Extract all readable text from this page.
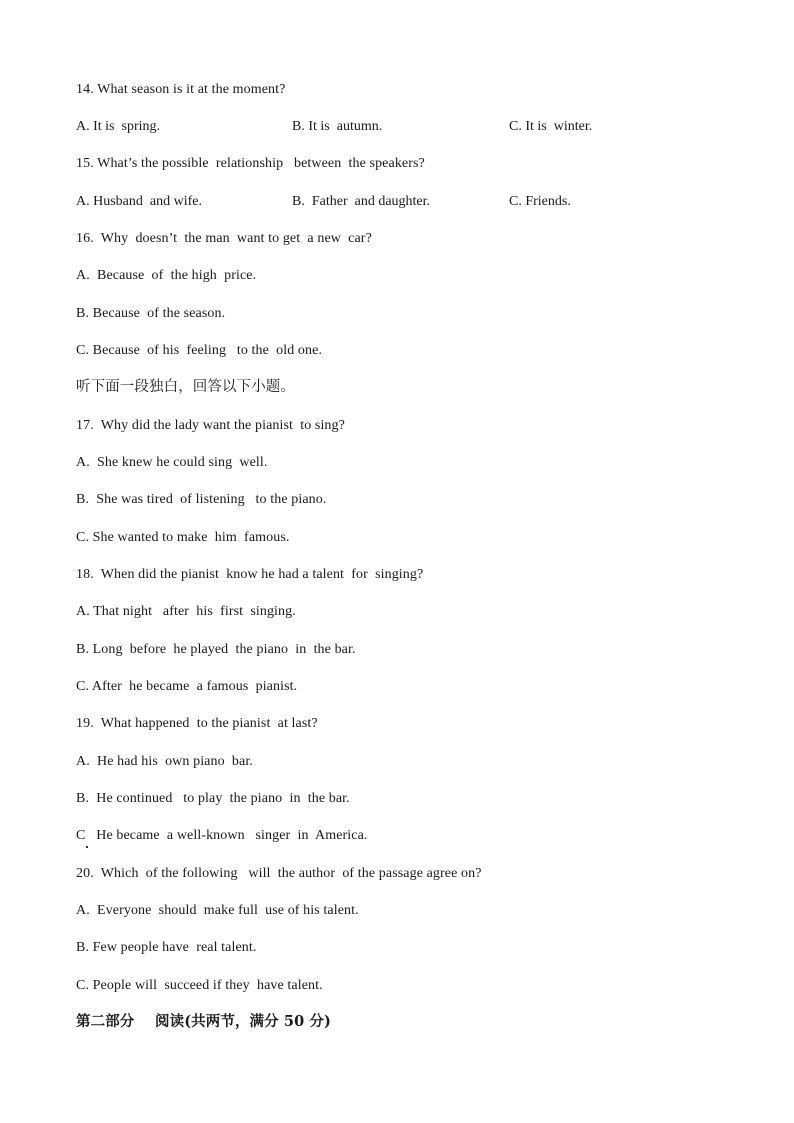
14. What season is it at the moment?
A. It is  spring.	B. It is  autumn.	C. It is  winter.
15. What’s the possible  relationship   between  the speakers?
A. Husband  and wife.	B.  Father  and daughter.	C. Friends.
16.  Why  doesn’t  the man  want to get  a new  car?
A.  Because  of  the high  price.
B. Because  of the season.
C. Because  of his  feeling   to the  old one.
听下面一段独白，回答以下小题。
17.  Why did the lady want the pianist  to sing?
A.  She knew he could sing  well.
B.  She was tired  of listening   to the piano.
C. She wanted to make  him  famous.
18.  When did the pianist  know he had a talent  for  singing?
A. That night   after  his  first  singing.
B. Long  before  he played  the piano  in  the bar.
C. After  he became  a famous  pianist.
19.  What happened  to the pianist  at last?
A.  He had his  own piano  bar.
B.  He continued   to play  the piano  in  the bar.
C   He became  a well-known   singer  in  America.
20.  Which  of the following   will  the author  of the passage agree on?
A.  Everyone  should  make full  use of his talent.
B. Few people have  real talent.
C. People will  succeed if they  have talent.
第二部分    阅读(共两节，满分 50 分)
